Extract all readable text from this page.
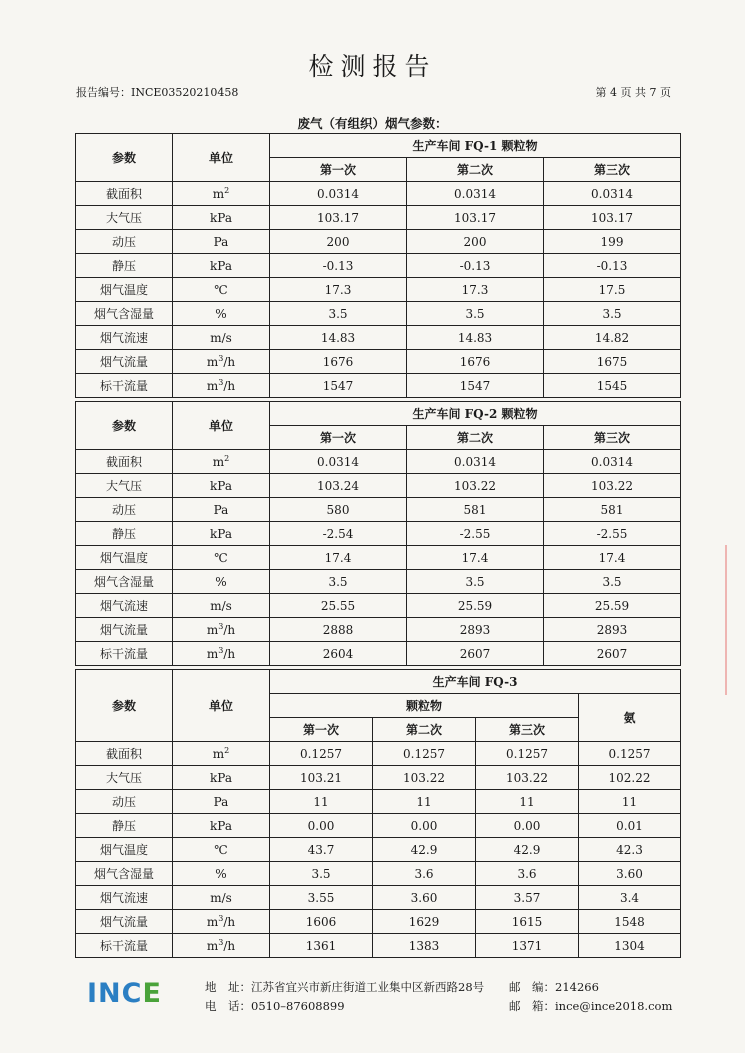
检测报告
报告编号：INCE03520210458	第 4 页 共 7 页
废气（有组织）烟气参数：
参数	单位	生产车间 FQ-1 颗粒物		
		第一次	第二次	第三次
截面积	$m^2$	0.0314	0.0314	0.0314
大气压	kPa	103.17	103.17	103.17
动压	Pa	200	200	199
静压	kPa	-0.13	-0.13	-0.13
烟气温度	℃	17.3	17.3	17.5
烟气含湿量	%	3.5	3.5	3.5
烟气流速	m/s	14.83	14.83	14.82
烟气流量	$m^3/h$	1676	1676	1675
标干流量	$m^3/h$	1547	1547	1545
参数	单位	生产车间 FQ-2 颗粒物		
		第一次	第二次	第三次
截面积	$m^2$	0.0314	0.0314	0.0314
大气压	kPa	103.24	103.22	103.22
动压	Pa	580	581	581
静压	kPa	-2.54	-2.55	-2.55
烟气温度	℃	17.4	17.4	17.4
烟气含湿量	%	3.5	3.5	3.5
烟气流速	m/s	25.55	25.59	25.59
烟气流量	$m^3/h$	2888	2893	2893
标干流量	$m^3/h$	2604	2607	2607
参数	单位	生产车间 FQ-3			
		颗粒物			氨
		第一次	第二次	第三次	
截面积	$m^2$	0.1257	0.1257	0.1257	0.1257
大气压	kPa	103.21	103.22	103.22	102.22
动压	Pa	11	11	11	11
静压	kPa	0.00	0.00	0.00	0.01
烟气温度	℃	43.7	42.9	42.9	42.3
烟气含湿量	%	3.5	3.6	3.6	3.60
烟气流速	m/s	3.55	3.60	3.57	3.4
烟气流量	$m^3/h$	1606	1629	1615	1548
标干流量	$m^3/h$	1361	1383	1371	1304
INCE	地　址：江苏省宜兴市新庄街道工业集中区新西路28号 邮　编：214266
电　话：0510–87608899	邮　箱：ince@ince2018.com
